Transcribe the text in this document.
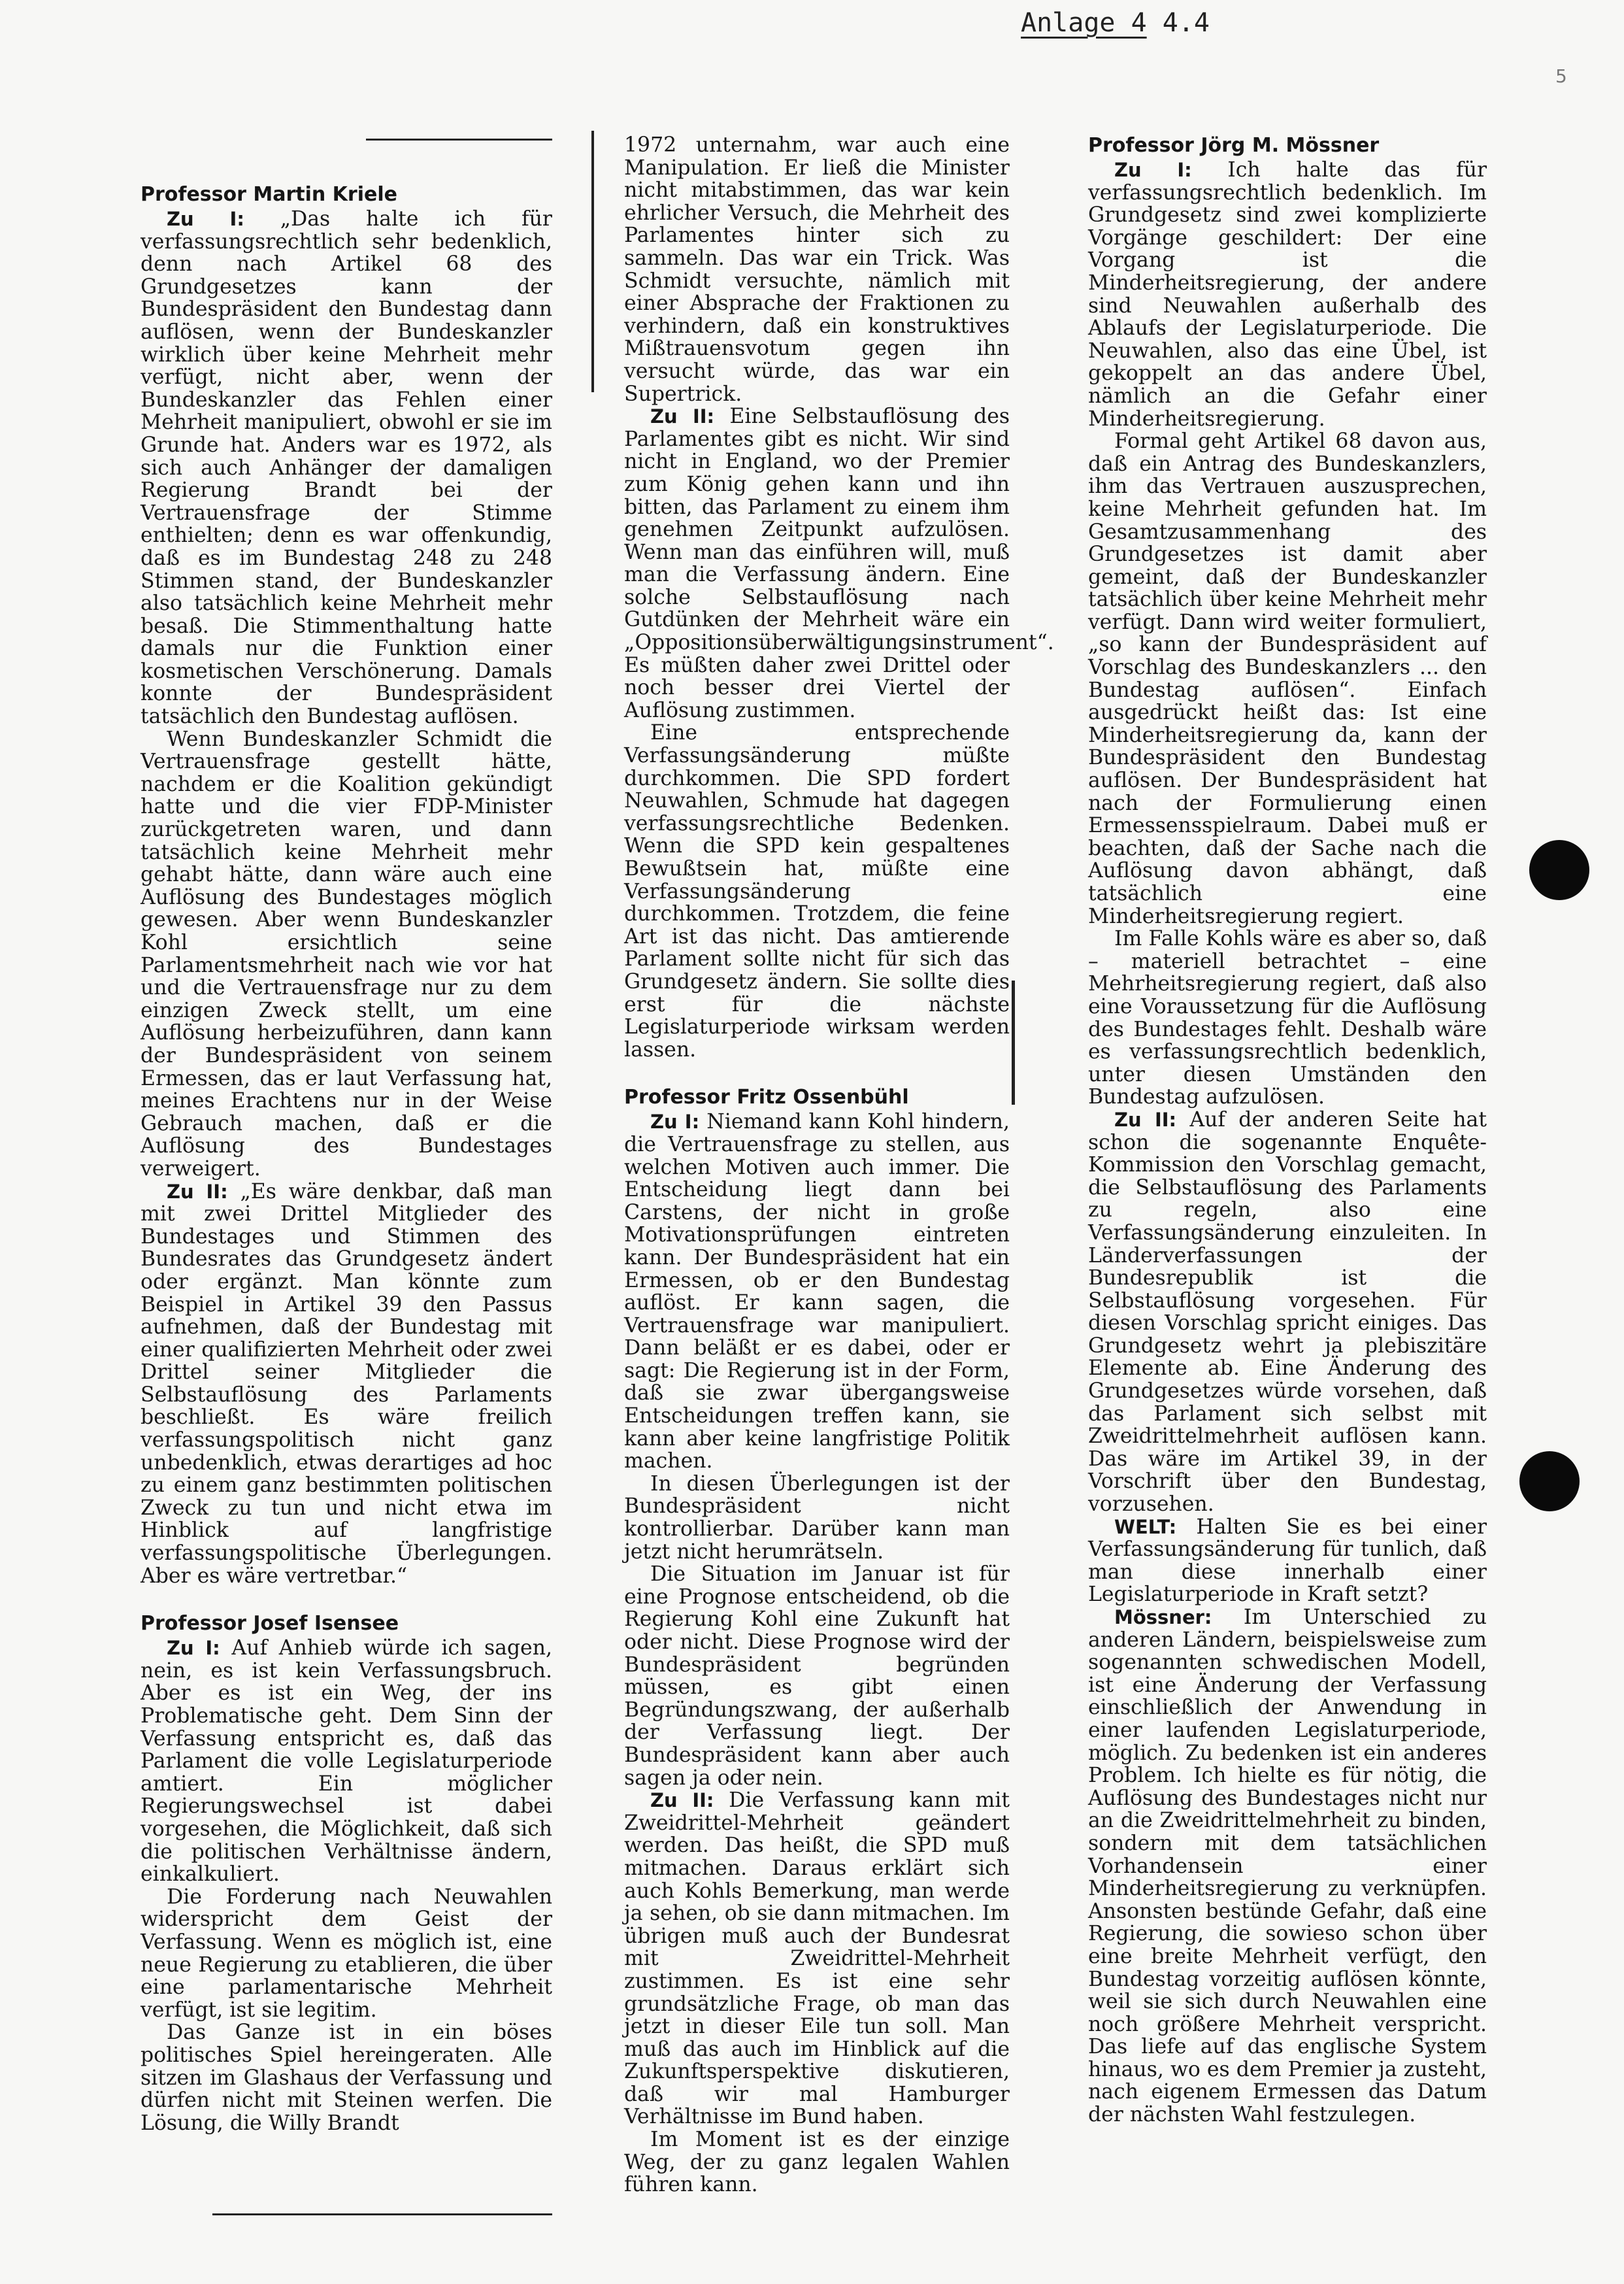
Anlage 4 4.4
5
Professor Martin Kriele

Zu I: „Das halte ich für verfassungsrechtlich sehr bedenklich, denn nach Artikel 68 des Grundgesetzes kann der Bundespräsident den Bundestag dann auflösen, wenn der Bundeskanzler wirklich über keine Mehrheit mehr verfügt, nicht aber, wenn der Bundeskanzler das Fehlen einer Mehrheit manipuliert, obwohl er sie im Grunde hat. Anders war es 1972, als sich auch Anhänger der damaligen Regierung Brandt bei der Vertrauensfrage der Stimme enthielten; denn es war offenkundig, daß es im Bundestag 248 zu 248 Stimmen stand, der Bundeskanzler also tatsächlich keine Mehrheit mehr besaß. Die Stimmenthaltung hatte damals nur die Funktion einer kosmetischen Verschönerung. Damals konnte der Bundespräsident tatsächlich den Bundestag auflösen.

Wenn Bundeskanzler Schmidt die Vertrauensfrage gestellt hätte, nachdem er die Koalition gekündigt hatte und die vier FDP-Minister zurückgetreten waren, und dann tatsächlich keine Mehrheit mehr gehabt hätte, dann wäre auch eine Auflösung des Bundestages möglich gewesen. Aber wenn Bundeskanzler Kohl ersichtlich seine Parlamentsmehrheit nach wie vor hat und die Vertrauensfrage nur zu dem einzigen Zweck stellt, um eine Auflösung herbeizuführen, dann kann der Bundespräsident von seinem Ermessen, das er laut Verfassung hat, meines Erachtens nur in der Weise Gebrauch machen, daß er die Auflösung des Bundestages verweigert.

Zu II: „Es wäre denkbar, daß man mit zwei Drittel Mitglieder des Bundestages und Stimmen des Bundesrates das Grundgesetz ändert oder ergänzt. Man könnte zum Beispiel in Artikel 39 den Passus aufnehmen, daß der Bundestag mit einer qualifizierten Mehrheit oder zwei Drittel seiner Mitglieder die Selbstauflösung des Parlaments beschließt. Es wäre freilich verfassungspolitisch nicht ganz unbedenklich, etwas derartiges ad hoc zu einem ganz bestimmten politischen Zweck zu tun und nicht etwa im Hinblick auf langfristige verfassungspolitische Überlegungen. Aber es wäre vertretbar.“

Professor Josef Isensee

Zu I: Auf Anhieb würde ich sagen, nein, es ist kein Verfassungsbruch. Aber es ist ein Weg, der ins Problematische geht. Dem Sinn der Verfassung entspricht es, daß das Parlament die volle Legislaturperiode amtiert. Ein möglicher Regierungswechsel ist dabei vorgesehen, die Möglichkeit, daß sich die politischen Verhältnisse ändern, einkalkuliert.

Die Forderung nach Neuwahlen widerspricht dem Geist der Verfassung. Wenn es möglich ist, eine neue Regierung zu etablieren, die über eine parlamentarische Mehrheit verfügt, ist sie legitim.

Das Ganze ist in ein böses politisches Spiel hereingeraten. Alle sitzen im Glashaus der Verfassung und dürfen nicht mit Steinen werfen. Die Lösung, die Willy Brandt

1972 unternahm, war auch eine Manipulation. Er ließ die Minister nicht mitabstimmen, das war kein ehrlicher Versuch, die Mehrheit des Parlamentes hinter sich zu sammeln. Das war ein Trick. Was Schmidt versuchte, nämlich mit einer Absprache der Fraktionen zu verhindern, daß ein konstruktives Mißtrauensvotum gegen ihn versucht würde, das war ein Supertrick.

Zu II: Eine Selbstauflösung des Parlamentes gibt es nicht. Wir sind nicht in England, wo der Premier zum König gehen kann und ihn bitten, das Parlament zu einem ihm genehmen Zeitpunkt aufzulösen. Wenn man das einführen will, muß man die Verfassung ändern. Eine solche Selbstauflösung nach Gutdünken der Mehrheit wäre ein „Oppositionsüberwältigungsinstrument“. Es müßten daher zwei Drittel oder noch besser drei Viertel der Auflösung zustimmen.

Eine entsprechende Verfassungsänderung müßte durchkommen. Die SPD fordert Neuwahlen, Schmude hat dagegen verfassungsrechtliche Bedenken. Wenn die SPD kein gespaltenes Bewußtsein hat, müßte eine Verfassungsänderung durchkommen. Trotzdem, die feine Art ist das nicht. Das amtierende Parlament sollte nicht für sich das Grundgesetz ändern. Sie sollte dies erst für die nächste Legislaturperiode wirksam werden lassen.

Professor Fritz Ossenbühl

Zu I: Niemand kann Kohl hindern, die Vertrauensfrage zu stellen, aus welchen Motiven auch immer. Die Entscheidung liegt dann bei Carstens, der nicht in große Motivationsprüfungen eintreten kann. Der Bundespräsident hat ein Ermessen, ob er den Bundestag auflöst. Er kann sagen, die Vertrauensfrage war manipuliert. Dann beläßt er es dabei, oder er sagt: Die Regierung ist in der Form, daß sie zwar übergangsweise Entscheidungen treffen kann, sie kann aber keine langfristige Politik machen.

In diesen Überlegungen ist der Bundespräsident nicht kontrollierbar. Darüber kann man jetzt nicht herumrätseln.

Die Situation im Januar ist für eine Prognose entscheidend, ob die Regierung Kohl eine Zukunft hat oder nicht. Diese Prognose wird der Bundespräsident begründen müssen, es gibt einen Begründungszwang, der außerhalb der Verfassung liegt. Der Bundespräsident kann aber auch sagen ja oder nein.

Zu II: Die Verfassung kann mit Zweidrittel-Mehrheit geändert werden. Das heißt, die SPD muß mitmachen. Daraus erklärt sich auch Kohls Bemerkung, man werde ja sehen, ob sie dann mitmachen. Im übrigen muß auch der Bundesrat mit Zweidrittel-Mehrheit zustimmen. Es ist eine sehr grundsätzliche Frage, ob man das jetzt in dieser Eile tun soll. Man muß das auch im Hinblick auf die Zukunftsperspektive diskutieren, daß wir mal Hamburger Verhältnisse im Bund haben.

Im Moment ist es der einzige Weg, der zu ganz legalen Wahlen führen kann.

Professor Jörg M. Mössner

Zu I: Ich halte das für verfassungsrechtlich bedenklich. Im Grundgesetz sind zwei komplizierte Vorgänge geschildert: Der eine Vorgang ist die Minderheitsregierung, der andere sind Neuwahlen außerhalb des Ablaufs der Legislaturperiode. Die Neuwahlen, also das eine Übel, ist gekoppelt an das andere Übel, nämlich an die Gefahr einer Minderheitsregierung.

Formal geht Artikel 68 davon aus, daß ein Antrag des Bundeskanzlers, ihm das Vertrauen auszusprechen, keine Mehrheit gefunden hat. Im Gesamtzusammenhang des Grundgesetzes ist damit aber gemeint, daß der Bundeskanzler tatsächlich über keine Mehrheit mehr verfügt. Dann wird weiter formuliert, „so kann der Bundespräsident auf Vorschlag des Bundeskanzlers ... den Bundestag auflösen“. Einfach ausgedrückt heißt das: Ist eine Minderheitsregierung da, kann der Bundespräsident den Bundestag auflösen. Der Bundespräsident hat nach der Formulierung einen Ermessensspielraum. Dabei muß er beachten, daß der Sache nach die Auflösung davon abhängt, daß tatsächlich eine Minderheitsregierung regiert.

Im Falle Kohls wäre es aber so, daß – materiell betrachtet – eine Mehrheitsregierung regiert, daß also eine Voraussetzung für die Auflösung des Bundestages fehlt. Deshalb wäre es verfassungsrechtlich bedenklich, unter diesen Umständen den Bundestag aufzulösen.

Zu II: Auf der anderen Seite hat schon die sogenannte Enquête-Kommission den Vorschlag gemacht, die Selbstauflösung des Parlaments zu regeln, also eine Verfassungsänderung einzuleiten. In Länderverfassungen der Bundesrepublik ist die Selbstauflösung vorgesehen. Für diesen Vorschlag spricht einiges. Das Grundgesetz wehrt ja plebiszitäre Elemente ab. Eine Änderung des Grundgesetzes würde vorsehen, daß das Parlament sich selbst mit Zweidrittelmehrheit auflösen kann. Das wäre im Artikel 39, in der Vorschrift über den Bundestag, vorzusehen.

WELT: Halten Sie es bei einer Verfassungsänderung für tunlich, daß man diese innerhalb einer Legislaturperiode in Kraft setzt?

Mössner: Im Unterschied zu anderen Ländern, beispielsweise zum sogenannten schwedischen Modell, ist eine Änderung der Verfassung einschließlich der Anwendung in einer laufenden Legislaturperiode, möglich. Zu bedenken ist ein anderes Problem. Ich hielte es für nötig, die Auflösung des Bundestages nicht nur an die Zweidrittelmehrheit zu binden, sondern mit dem tatsächlichen Vorhandensein einer Minderheitsregierung zu verknüpfen. Ansonsten bestünde Gefahr, daß eine Regierung, die sowieso schon über eine breite Mehrheit verfügt, den Bundestag vorzeitig auflösen könnte, weil sie sich durch Neuwahlen eine noch größere Mehrheit verspricht. Das liefe auf das englische System hinaus, wo es dem Premier ja zusteht, nach eigenem Ermessen das Datum der nächsten Wahl festzulegen.
